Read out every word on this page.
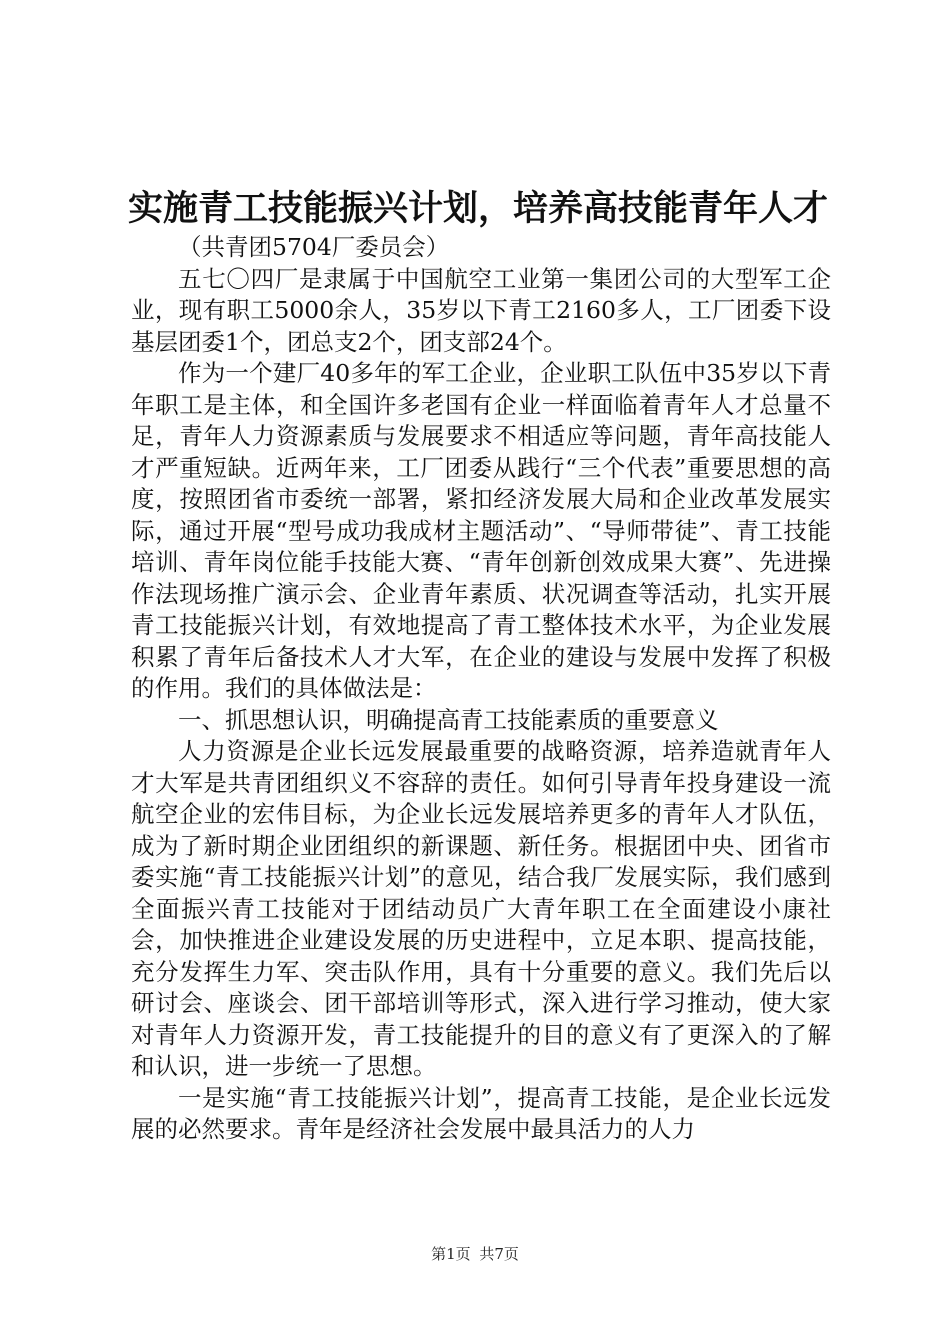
实施青工技能振兴计划，培养高技能青年人才

（共青团5704厂委员会）

五七〇四厂是隶属于中国航空工业第一集团公司的大型军工企业，现有职工5000余人，35岁以下青工2160多人，工厂团委下设基层团委1个，团总支2个，团支部24个。

作为一个建厂40多年的军工企业，企业职工队伍中35岁以下青年职工是主体，和全国许多老国有企业一样面临着青年人才总量不足，青年人力资源素质与发展要求不相适应等问题，青年高技能人才严重短缺。近两年来，工厂团委从践行“三个代表”重要思想的高度，按照团省市委统一部署，紧扣经济发展大局和企业改革发展实际，通过开展“型号成功我成材主题活动”、“导师带徒”、青工技能培训、青年岗位能手技能大赛、“青年创新创效成果大赛”、先进操作法现场推广演示会、企业青年素质、状况调查等活动，扎实开展青工技能振兴计划，有效地提高了青工整体技术水平，为企业发展积累了青年后备技术人才大军，在企业的建设与发展中发挥了积极的作用。我们的具体做法是：

一、抓思想认识，明确提高青工技能素质的重要意义

人力资源是企业长远发展最重要的战略资源，培养造就青年人才大军是共青团组织义不容辞的责任。如何引导青年投身建设一流航空企业的宏伟目标，为企业长远发展培养更多的青年人才队伍，成为了新时期企业团组织的新课题、新任务。根据团中央、团省市委实施“青工技能振兴计划”的意见，结合我厂发展实际，我们感到全面振兴青工技能对于团结动员广大青年职工在全面建设小康社会，加快推进企业建设发展的历史进程中，立足本职、提高技能，充分发挥生力军、突击队作用，具有十分重要的意义。我们先后以研讨会、座谈会、团干部培训等形式，深入进行学习推动，使大家对青年人力资源开发，青工技能提升的目的意义有了更深入的了解和认识，进一步统一了思想。

一是实施“青工技能振兴计划”，提高青工技能，是企业长远发展的必然要求。青年是经济社会发展中最具活力的人力

第1页 共7页
